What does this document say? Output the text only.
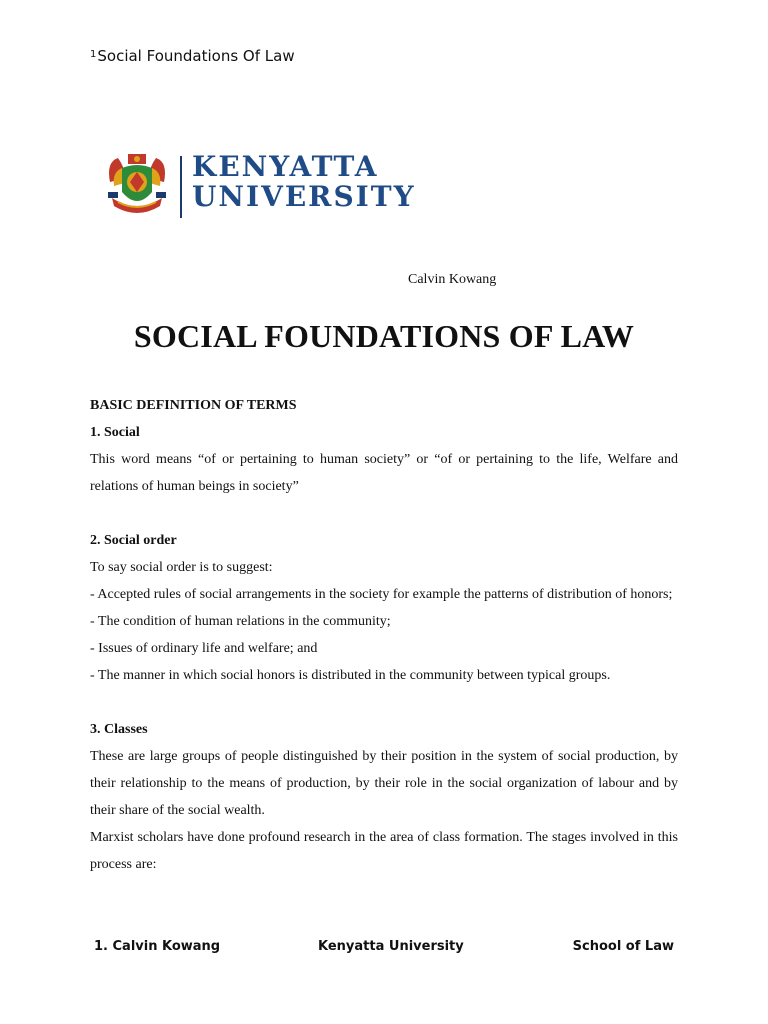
$^1$Social Foundations Of Law
KENYATTA
UNIVERSITY
Calvin Kowang
SOCIAL FOUNDATIONS OF LAW

BASIC DEFINITION OF TERMS

1. Social

This word means “of or pertaining to human society” or “of or pertaining to the life, Welfare and relations of human beings in society”

2. Social order

To say social order is to suggest:

- Accepted rules of social arrangements in the society for example the patterns of distribution of honors;

- The condition of human relations in the community;

- Issues of ordinary life and welfare; and

- The manner in which social honors is distributed in the community between typical groups.

3. Classes

These are large groups of people distinguished by their position in the system of social production, by their relationship to the means of production, by their role in the social organization of labour and by their share of the social wealth.

Marxist scholars have done profound research in the area of class formation. The stages involved in this process are:

1. Calvin Kowang	Kenyatta University	School of Law
